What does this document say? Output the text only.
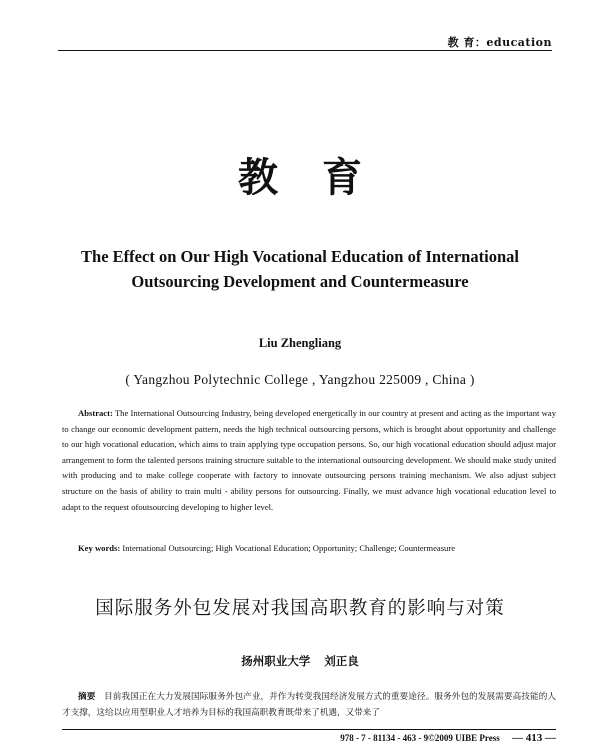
教 育：education
教育
The Effect on Our High Vocational Education of International
Outsourcing Development and Countermeasure
Liu Zhengliang
( Yangzhou Polytechnic College , Yangzhou 225009 , China )
Abstract: The International Outsourcing Industry, being developed energetically in our country at present and acting as the important way to change our economic development pattern, needs the high technical outsourcing persons, which is brought about opportunity and challenge to our high vocational education, which aims to train applying type occupation persons. So, our high vocational education should adjust major arrangement to form the talented persons training structure suitable to the international outsourcing development. We should make study united with producing and to make college cooperate with factory to innovate outsourcing persons training mechanism. We also adjust subject structure on the basis of ability to train multi - ability persons for outsourcing. Finally, we must advance high vocational education level to adapt to the request ofoutsourcing developing to higher level.
Key words: International Outsourcing; High Vocational Education; Opportunity; Challenge; Countermeasure
国际服务外包发展对我国高职教育的影响与对策
扬州职业大学 刘正良
摘要　 目前我国正在大力发展国际服务外包产业，并作为转变我国经济发展方式的重要途径。服务外包的发展需要高技能的人才支撑，这给以应用型职业人才培养为目标的我国高职教育既带来了机遇，又带来了
978 - 7 - 81134 - 463 - 9©2009 UIBE Press — 413 —
